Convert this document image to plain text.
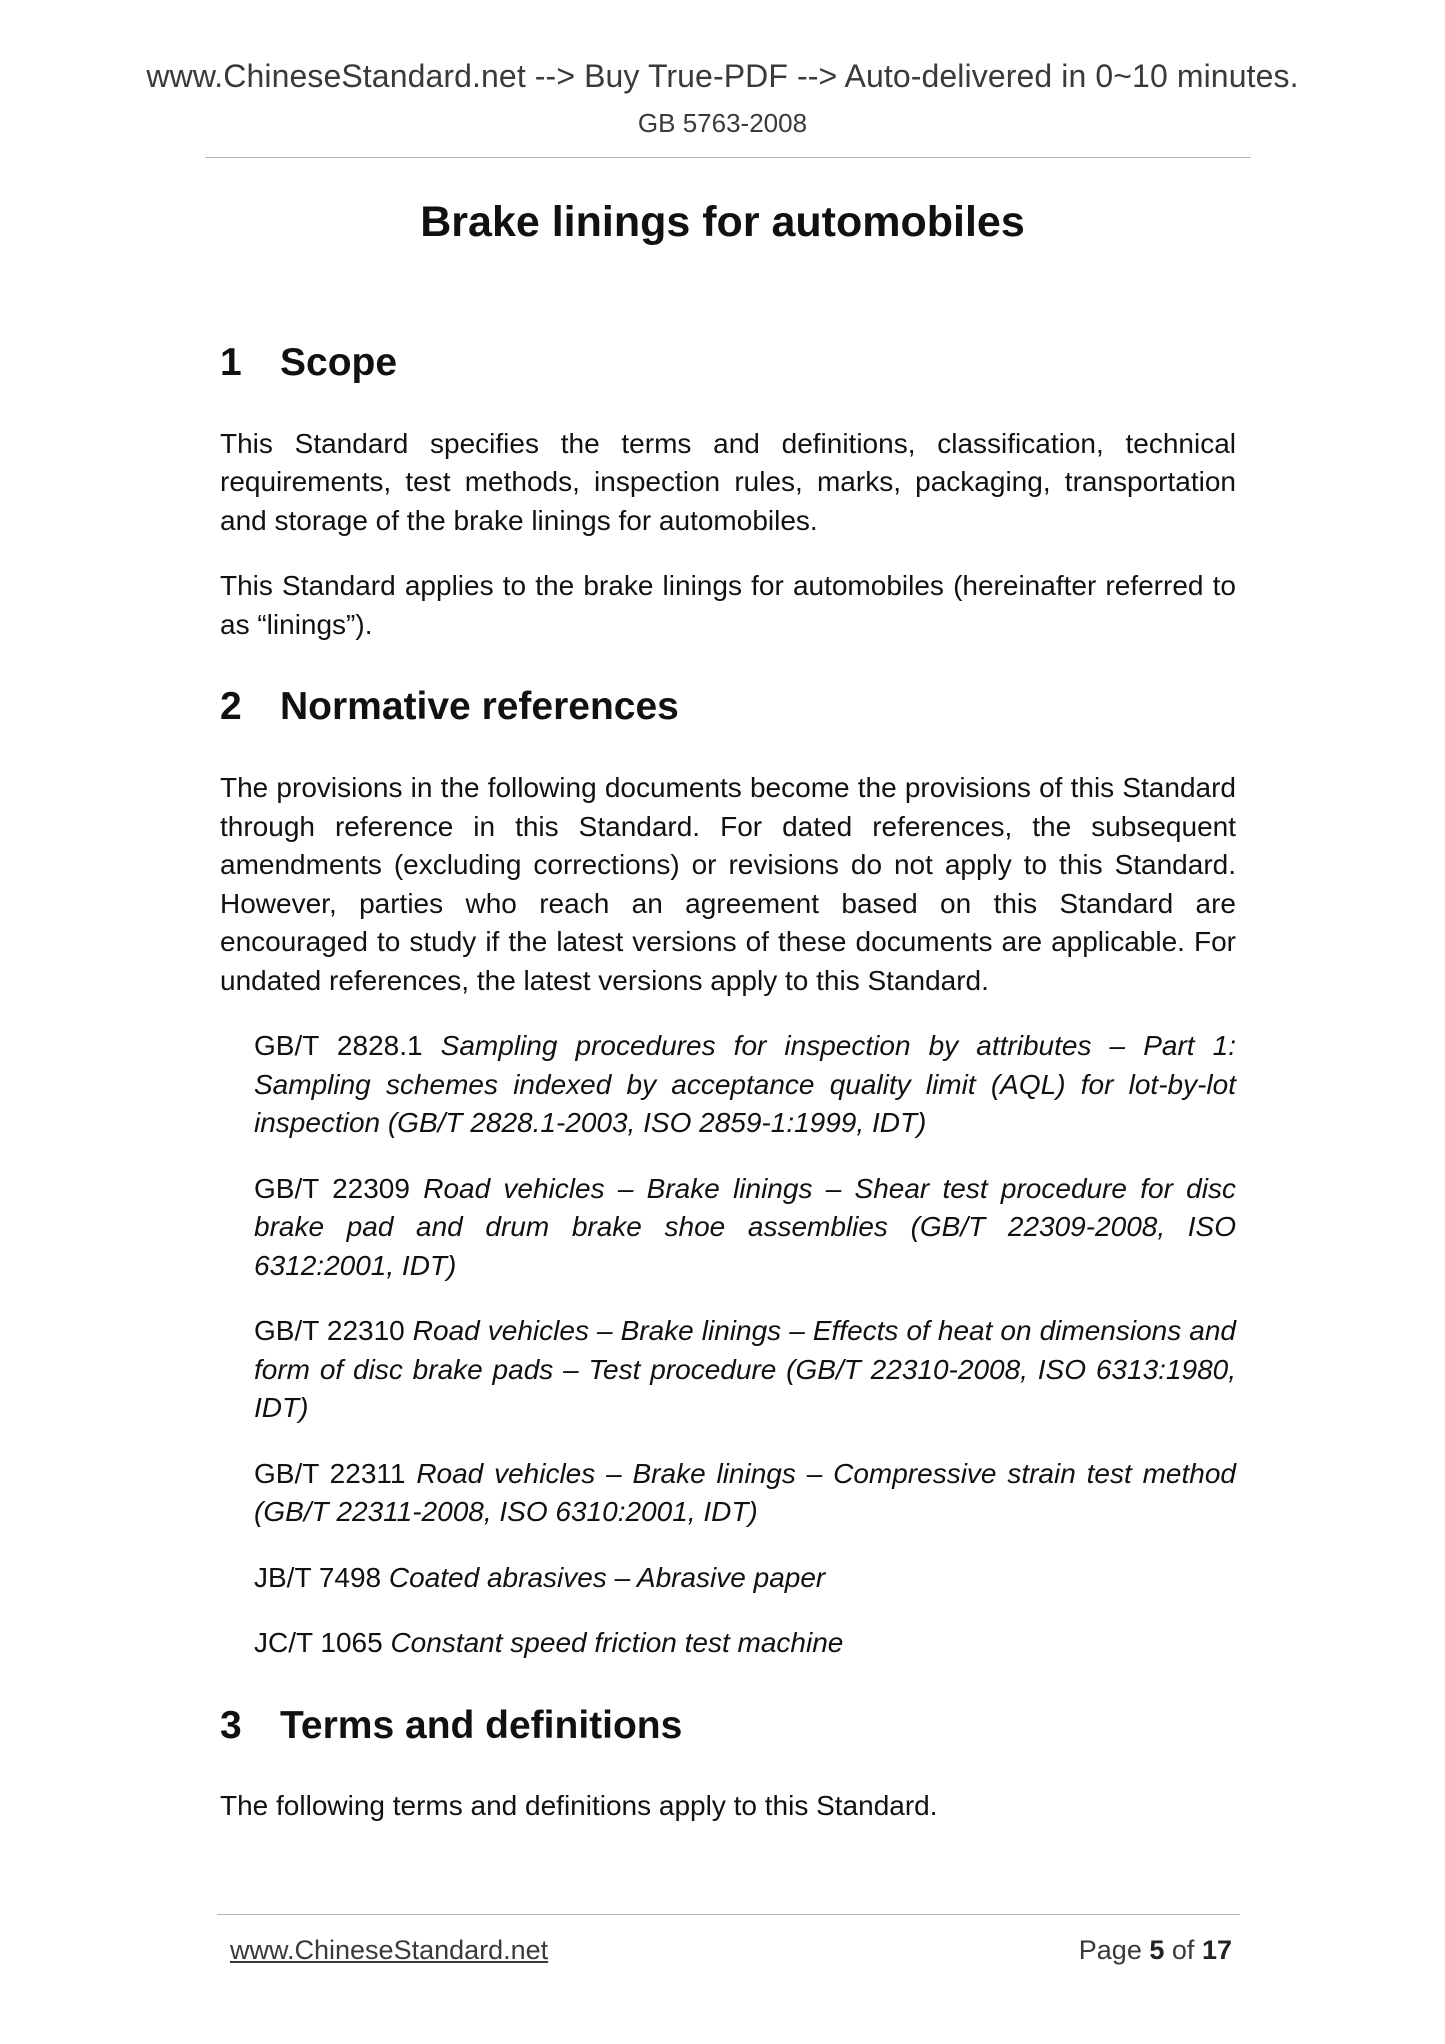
www.ChineseStandard.net --> Buy True-PDF --> Auto-delivered in 0~10 minutes.
GB 5763-2008
Brake linings for automobiles
1 Scope

This Standard specifies the terms and definitions, classification, technical requirements, test methods, inspection rules, marks, packaging, transportation and storage of the brake linings for automobiles.

This Standard applies to the brake linings for automobiles (hereinafter referred to as “linings”).

2 Normative references

The provisions in the following documents become the provisions of this Standard through reference in this Standard. For dated references, the subsequent amendments (excluding corrections) or revisions do not apply to this Standard. However, parties who reach an agreement based on this Standard are encouraged to study if the latest versions of these documents are applicable. For undated references, the latest versions apply to this Standard.

GB/T 2828.1 Sampling procedures for inspection by attributes – Part 1: Sampling schemes indexed by acceptance quality limit (AQL) for lot-by-lot inspection (GB/T 2828.1-2003, ISO 2859-1:1999, IDT)

GB/T 22309 Road vehicles – Brake linings – Shear test procedure for disc brake pad and drum brake shoe assemblies (GB/T 22309-2008, ISO 6312:2001, IDT)

GB/T 22310 Road vehicles – Brake linings – Effects of heat on dimensions and form of disc brake pads – Test procedure (GB/T 22310-2008, ISO 6313:1980, IDT)

GB/T 22311 Road vehicles – Brake linings – Compressive strain test method (GB/T 22311-2008, ISO 6310:2001, IDT)

JB/T 7498 Coated abrasives – Abrasive paper

JC/T 1065 Constant speed friction test machine

3 Terms and definitions

The following terms and definitions apply to this Standard.

www.ChineseStandard.net	Page 5 of 17
